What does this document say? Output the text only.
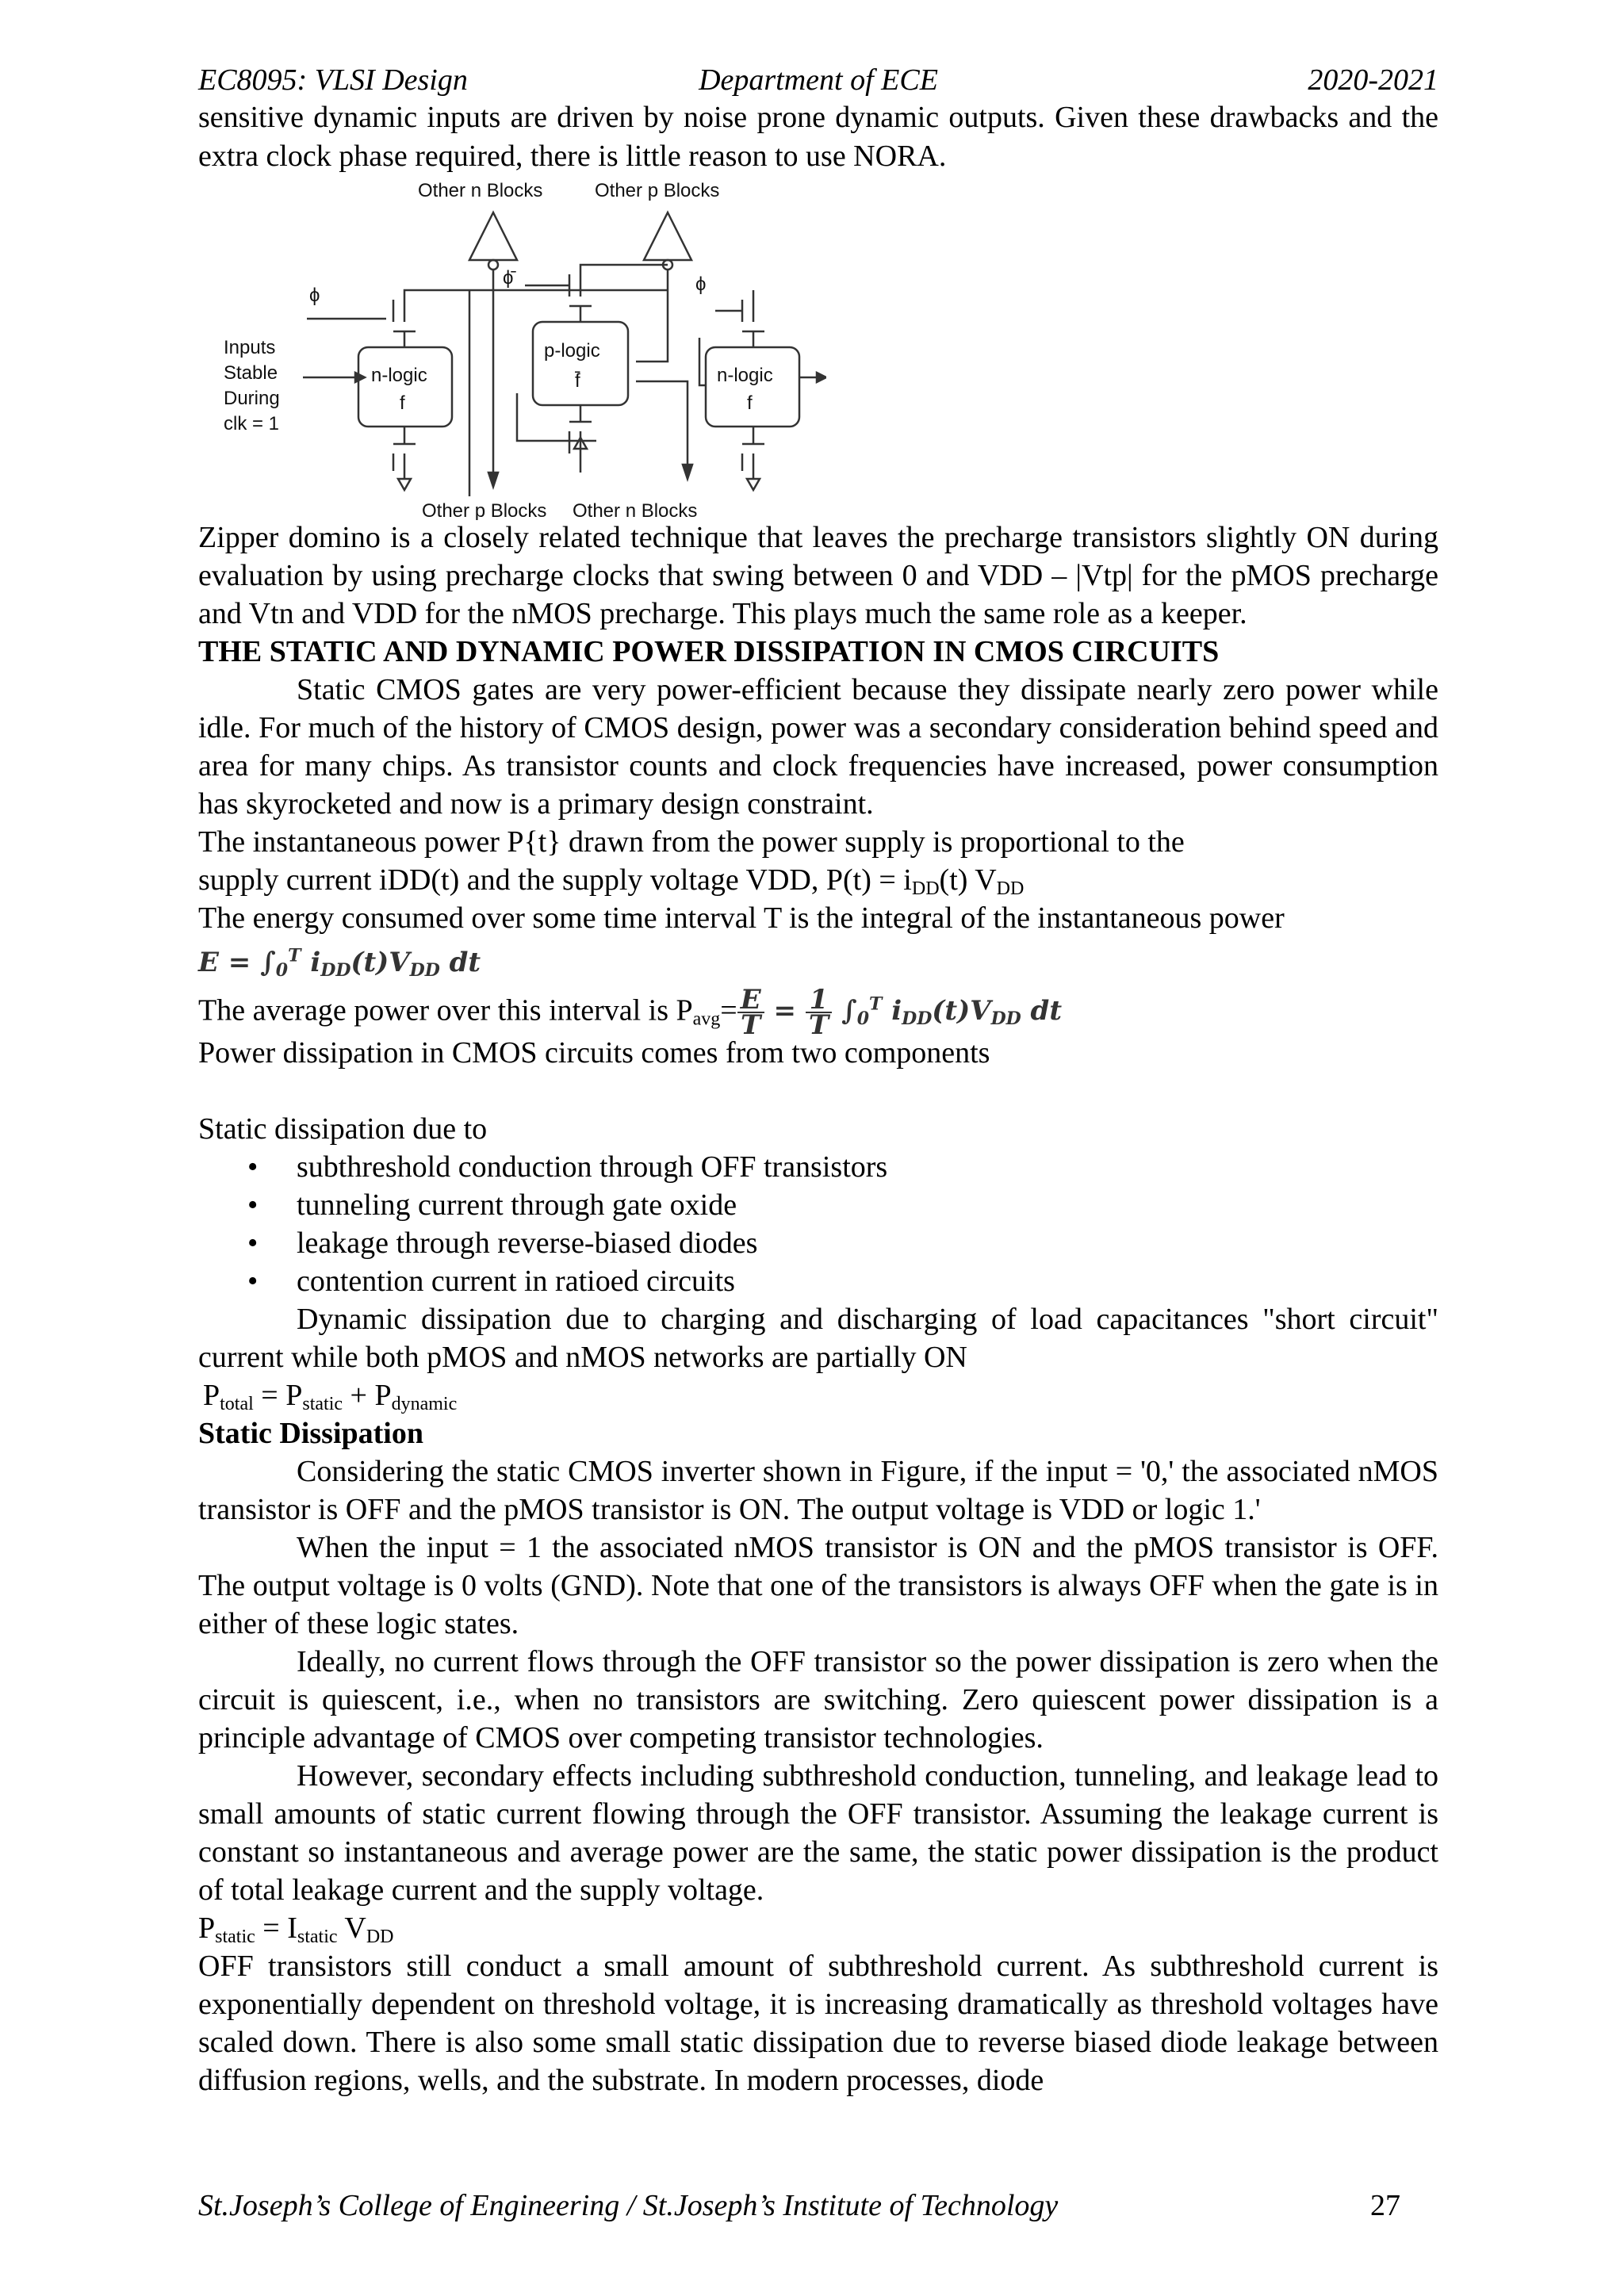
EC8095: VLSI Design	Department of ECE	2020-2021

sensitive dynamic inputs are driven by noise prone dynamic outputs. Given these drawbacks and the extra clock phase required, there is little reason to use NORA.

Other n Blocks	Other p Blocks
Other p Blocks Other n Blocks
ϕ
ϕ̄	ϕ
n-logic
f
p-logic
f̄	n-logic
f
Inputs
Stable
During
clk = 1

Zipper domino is a closely related technique that leaves the precharge transistors slightly ON during evaluation by using precharge clocks that swing between 0 and VDD – |Vtp| for the pMOS precharge and Vtn and VDD for the nMOS precharge. This plays much the same role as a keeper.

THE STATIC AND DYNAMIC POWER DISSIPATION IN CMOS CIRCUITS

Static CMOS gates are very power-efficient because they dissipate nearly zero power while idle. For much of the history of CMOS design, power was a secondary consideration behind speed and area for many chips. As transistor counts and clock frequencies have increased, power consumption has skyrocketed and now is a primary design constraint.

The instantaneous power P{t} drawn from the power supply is proportional to the

supply current iDD(t) and the supply voltage VDD, $P(t) = i_{DD}(t)$ $V_{DD}$

The energy consumed over some time interval T is the integral of the instantaneous power

$E = \int_0^T$ $i_{DD}(t)V_{DD}$ dt

The average power over this interval is $P_{avg}= \frac{E}{T} = \frac{1}{T} \int_0^T$ $i_{DD}(t)V_{DD}$ dt

Power dissipation in CMOS circuits comes from two components

Static dissipation due to

• subthreshold conduction through OFF transistors
• tunneling current through gate oxide
• leakage through reverse-biased diodes
• contention current in ratioed circuits

Dynamic dissipation due to charging and discharging of load capacitances "short circuit" current while both pMOS and nMOS networks are partially ON

$P_{total} = P_{static} + P_{dynamic}$

Static Dissipation

Considering the static CMOS inverter shown in Figure, if the input = '0,' the associated nMOS transistor is OFF and the pMOS transistor is ON. The output voltage is VDD or logic 1.'

When the input = 1 the associated nMOS transistor is ON and the pMOS transistor is OFF. The output voltage is 0 volts (GND). Note that one of the transistors is always OFF when the gate is in either of these logic states.

Ideally, no current flows through the OFF transistor so the power dissipation is zero when the circuit is quiescent, i.e., when no transistors are switching. Zero quiescent power dissipation is a principle advantage of CMOS over competing transistor technologies.

However, secondary effects including subthreshold conduction, tunneling, and leakage lead to small amounts of static current flowing through the OFF transistor. Assuming the leakage current is constant so instantaneous and average power are the same, the static power dissipation is the product of total leakage current and the supply voltage.

$P_{static} = I_{static}$ $V_{DD}$

OFF transistors still conduct a small amount of subthreshold current. As subthreshold current is exponentially dependent on threshold voltage, it is increasing dramatically as threshold voltages have scaled down. There is also some small static dissipation due to reverse biased diode leakage between diffusion regions, wells, and the substrate. In modern processes, diode

St.Joseph’s College of Engineering / St.Joseph’s Institute of Technology	27
